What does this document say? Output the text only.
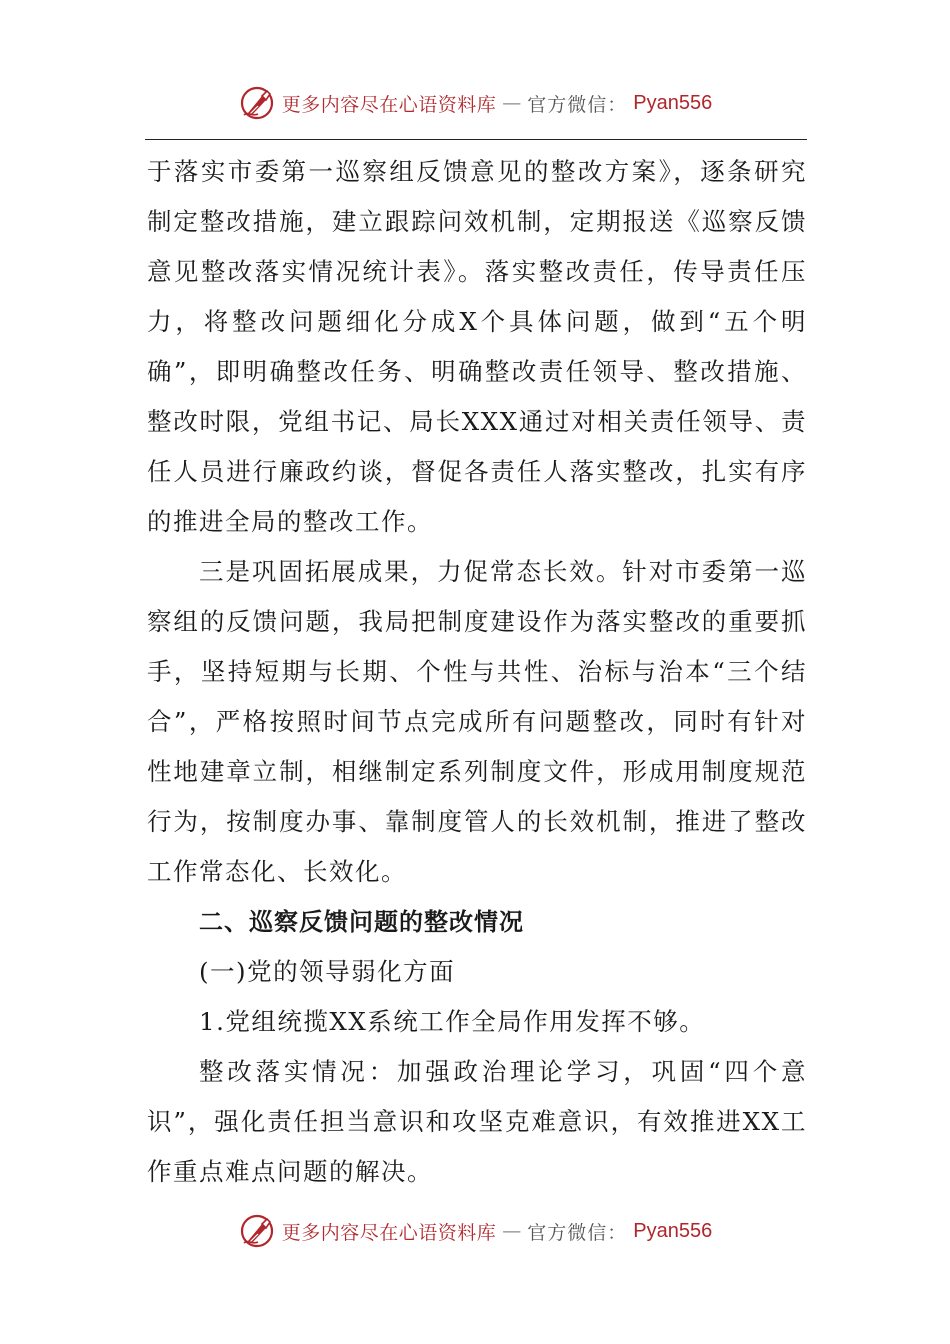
更多内容尽在心语资料库 — 官方微信： Pyan556

于落实市委第一巡察组反馈意见的整改方案》，逐条研究制定整改措施，建立跟踪问效机制，定期报送《巡察反馈意见整改落实情况统计表》。落实整改责任，传导责任压力，将整改问题细化分成X个具体问题，做到“五个明确”，即明确整改任务、明确整改责任领导、整改措施、整改时限，党组书记、局长XXX通过对相关责任领导、责任人员进行廉政约谈，督促各责任人落实整改，扎实有序的推进全局的整改工作。

三是巩固拓展成果，力促常态长效。针对市委第一巡察组的反馈问题，我局把制度建设作为落实整改的重要抓手，坚持短期与长期、个性与共性、治标与治本“三个结合”，严格按照时间节点完成所有问题整改，同时有针对性地建章立制，相继制定系列制度文件，形成用制度规范行为，按制度办事、靠制度管人的长效机制，推进了整改工作常态化、长效化。

二、巡察反馈问题的整改情况

(一)党的领导弱化方面

1.党组统揽XX系统工作全局作用发挥不够。

整改落实情况：加强政治理论学习，巩固“四个意识”，强化责任担当意识和攻坚克难意识，有效推进XX工作重点难点问题的解决。

更多内容尽在心语资料库 — 官方微信： Pyan556
